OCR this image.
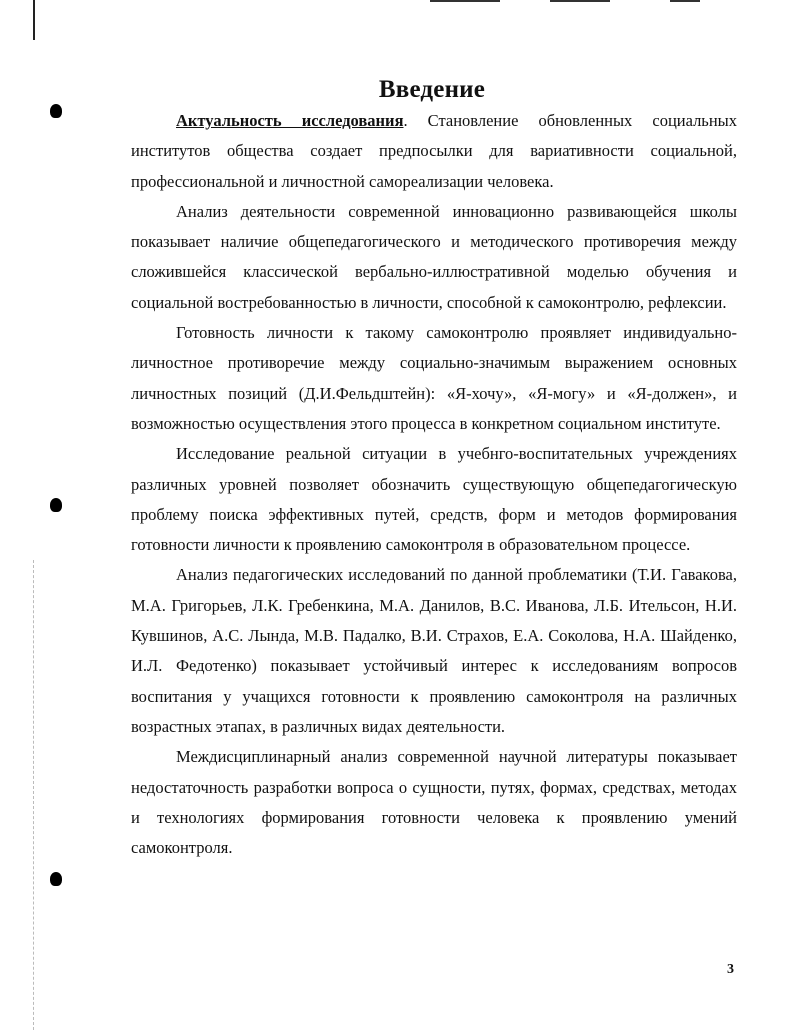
Введение

Актуальность исследования. Становление обновленных социальных институтов общества создает предпосылки для вариативности социальной, профессиональной и личностной самореализации человека.

Анализ деятельности современной инновационно развивающейся школы показывает наличие общепедагогического и методического противоречия между сложившейся классической вербально-иллюстративной моделью обучения и социальной востребованностью в личности, способной к самоконтролю, рефлексии.

Готовность личности к такому самоконтролю проявляет индивидуально-личностное противоречие между социально-значимым выражением основных личностных позиций (Д.И.Фельдштейн): «Я-хочу», «Я-могу» и «Я-должен», и возможностью осуществления этого процесса в конкретном социальном институте.

Исследование реальной ситуации в учебнго-воспитательных учреждениях различных уровней позволяет обозначить существующую общепедагогическую проблему поиска эффективных путей, средств, форм и методов формирования готовности личности к проявлению самоконтроля в образовательном процессе.

Анализ педагогических исследований по данной проблематики (Т.И. Гавакова, М.А. Григорьев, Л.К. Гребенкина, М.А. Данилов, В.С. Иванова, Л.Б. Ительсон, Н.И. Кувшинов, А.С. Лында, М.В. Падалко, В.И. Страхов, Е.А. Соколова, Н.А. Шайденко, И.Л. Федотенко) показывает устойчивый интерес к исследованиям вопросов воспитания у учащихся готовности к проявлению самоконтроля на различных возрастных этапах, в различных видах деятельности.

Междисциплинарный анализ современной научной литературы показывает недостаточность разработки вопроса о сущности, путях, формах, средствах, методах и технологиях формирования готовности человека к проявлению умений самоконтроля.

3
